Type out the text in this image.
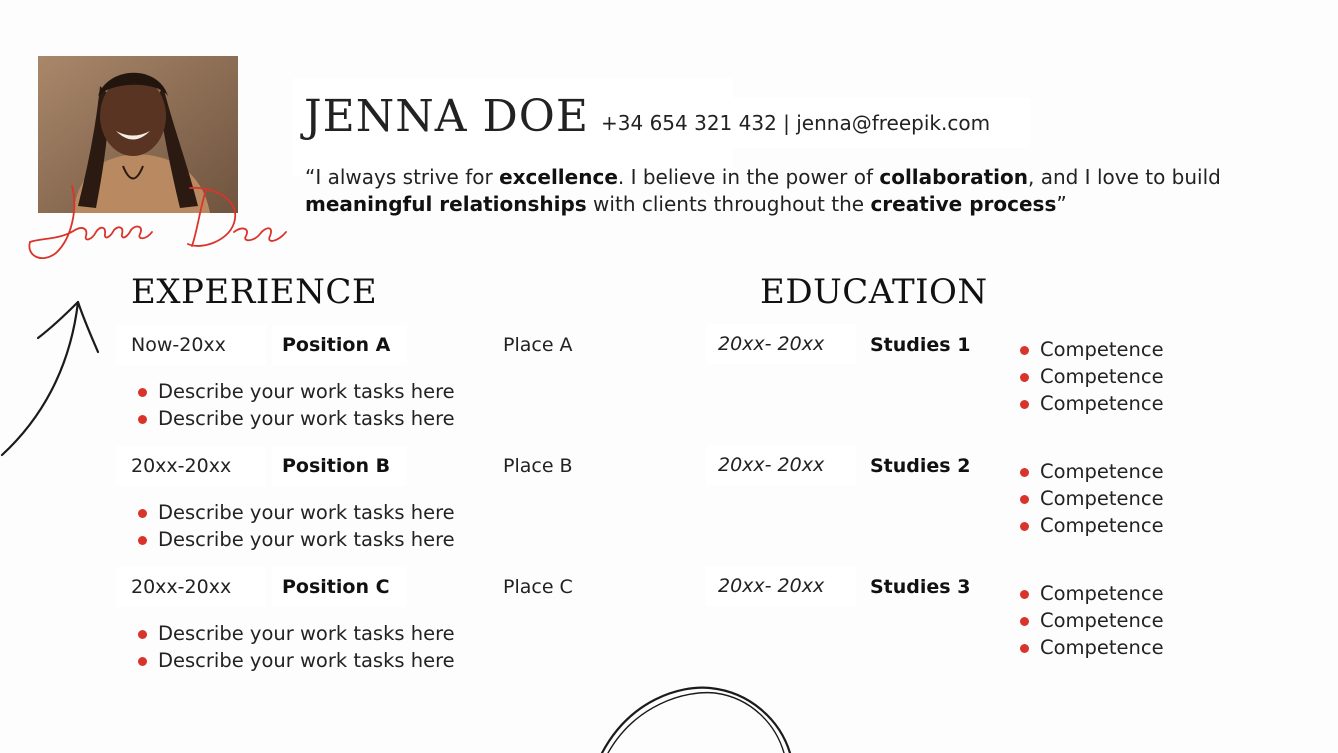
JENNA DOE +34 654 321 432 | jenna@freepik.com
“I always strive for excellence. I believe in the power of collaboration, and I love to build meaningful relationships with clients throughout the creative process”
EXPERIENCE	EDUCATION
Now-20xx	Position A	Place A
Describe your work tasks here
Describe your work tasks here
20xx-20xx	Position B	Place B
Describe your work tasks here
Describe your work tasks here
20xx-20xx	Position C	Place C
Describe your work tasks here
Describe your work tasks here
20xx- 20xx Studies 1	Competence
Competence
Competence
20xx- 20xx Studies 2	Competence
Competence
Competence
20xx- 20xx Studies 3	Competence
Competence
Competence
